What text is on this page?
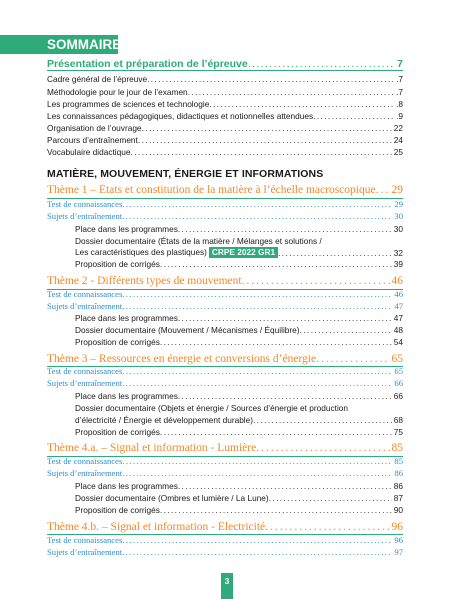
SOMMAIRE
Présentation et préparation de l’épreuve .....	7
Cadre général de l’épreuve .....	.7
Méthodologie pour le jour de l’examen .....	.7
Les programmes de sciences et technologie .....	.8
Les connaissances pédagogiques, didactiques et notionnelles attendues .....	.9
Organisation de l’ouvrage .....	22
Parcours d’entraînement .....	24
Vocabulaire didactique .....	25
MATIÈRE, MOUVEMENT, ÉNERGIE ET INFORMATIONS
Thème 1 – États et constitution de la matière à l’échelle macroscopique ..... 29
Test de connaissances .....	29
Sujets d’entraînement .....	30
Place dans les programmes .....	30
Dossier documentaire (États de la matière / Mélanges et solutions /
Les caractéristiques des plastiques) CRPE 2022 GR1 .....	32
Proposition de corrigés .....	39
Thème 2 - Différents types de mouvement .....	46
Test de connaissances .....	46
Sujets d’entraînement .....	47
Place dans les programmes .....	47
Dossier documentaire (Mouvement / Mécanismes / Équilibre) .....	48
Proposition de corrigés .....	54
Thème 3 – Ressources en énergie et conversions d’énergie .....	65
Test de connaissances .....	65
Sujets d’entraînement .....	66
Place dans les programmes .....	66
Dossier documentaire (Objets et énergie / Sources d’énergie et production
d’électricité / Énergie et développement durable) .....	68
Proposition de corrigés .....	75
Thème 4.a. – Signal et information - Lumière .....	85
Test de connaissances .....	85
Sujets d’entraînement .....	86
Place dans les programmes .....	86
Dossier documentaire (Ombres et lumière / La Lune) .....	87
Proposition de corrigés .....	90
Thème 4.b. – Signal et information - Électricité .....	96
Test de connaissances .....	96
Sujets d’entraînement .....	97
3
